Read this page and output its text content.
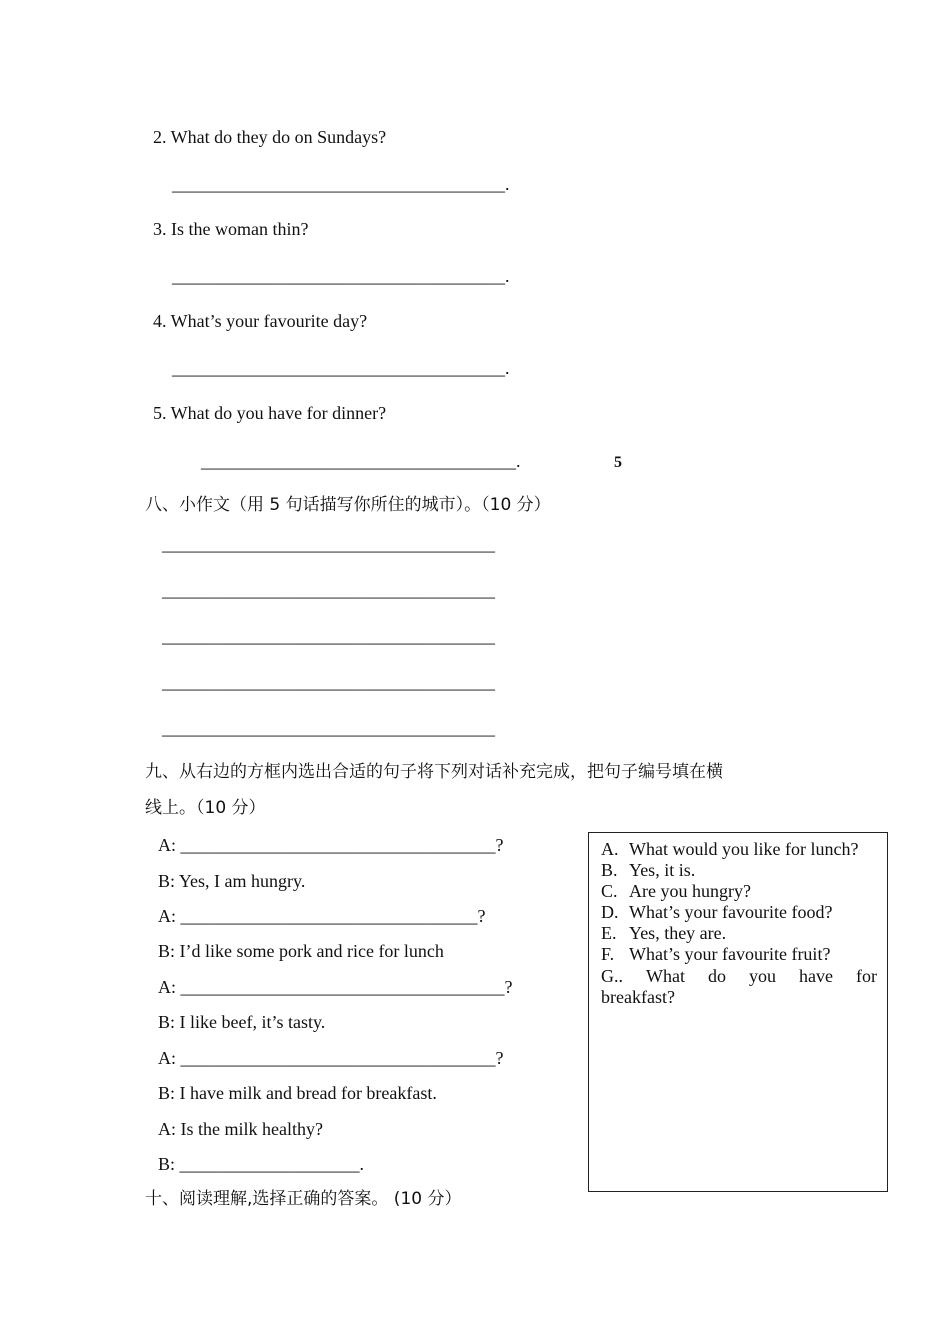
2. What do they do on Sundays?
_____________________________________.
3. Is the woman thin?
_____________________________________.
4. What’s your favourite day?
_____________________________________.
5. What do you have for dinner?
___________________________________.	5
八、小作文（用 5 句话描写你所住的城市）。（10 分）
_____________________________________
_____________________________________
_____________________________________
_____________________________________
_____________________________________
九、从右边的方框内选出合适的句子将下列对话补充完成，把句子编号填在横
线上。（10 分）
A: ___________________________________?
B: Yes, I am hungry.
A: _________________________________?
B: I’d like some pork and rice for lunch
A: ____________________________________?
B: I like beef, it’s tasty.
A: ___________________________________?
B: I have milk and bread for breakfast.
A: Is the milk healthy?
B: ____________________.
A. What would you like for lunch?
B. Yes, it is.
C. Are you hungry?
D. What’s your favourite food?
E. Yes, they are.
F. What’s your favourite fruit?
G.. What do you have for
breakfast?
十、阅读理解,选择正确的答案。 (10 分）
